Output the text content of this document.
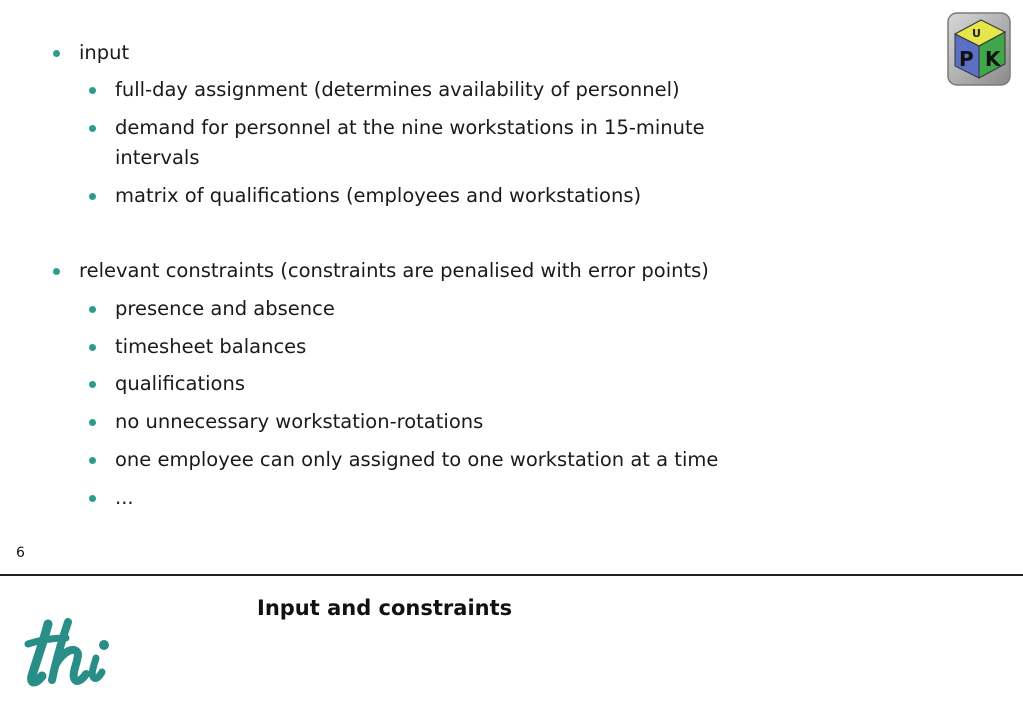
input
full-day assignment (determines availability of personnel)
demand for personnel at the nine workstations in 15-minute intervals
matrix of qualifications (employees and workstations)
relevant constraints (constraints are penalised with error points)
presence and absence
timesheet balances
qualifications
no unnecessary workstation-rotations
one employee can only assigned to one workstation at a time
...
U
P K
6
Input and constraints
